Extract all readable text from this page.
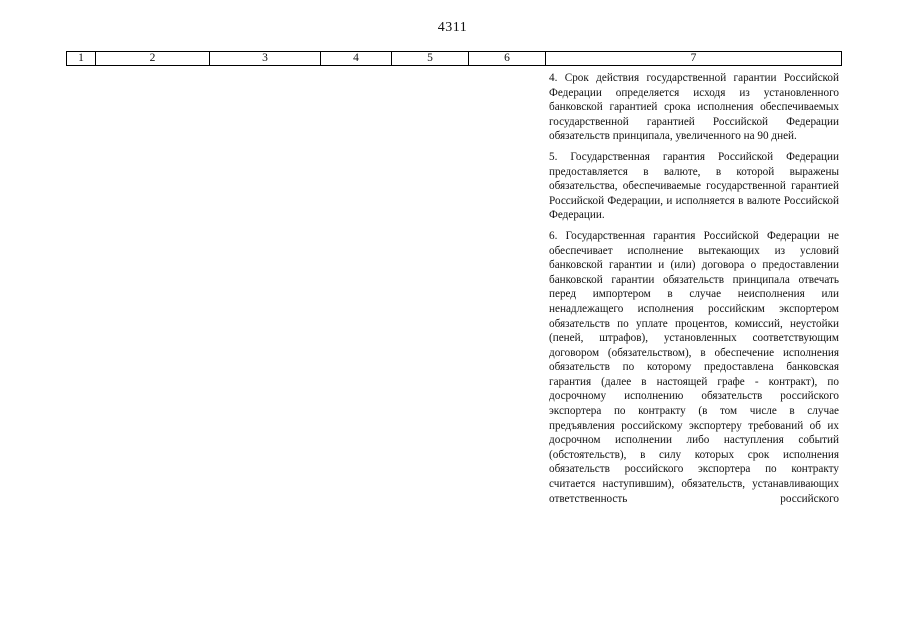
4311
1	2	3	4	5	6	7

4. Срок действия государственной гарантии Российской Федерации определяется исходя из установленного банковской гарантией срока исполнения обеспечиваемых государственной гарантией Российской Федерации обязательств принципала, увеличенного на 90 дней.

5. Государственная гарантия Российской Федерации предоставляется в валюте, в которой выражены обязательства, обеспечиваемые государственной гарантией Российской Федерации, и исполняется в валюте Российской Федерации.

6. Государственная гарантия Российской Федерации не обеспечивает исполнение вытекающих из условий банковской гарантии и (или) договора о предоставлении банковской гарантии обязательств принципала отвечать перед импортером в случае неисполнения или ненадлежащего исполнения российским экспортером обязательств по уплате процентов, комиссий, неустойки (пеней, штрафов), установленных соответствующим договором (обязательством), в обеспечение исполнения обязательств по которому предоставлена банковская гарантия (далее в настоящей графе - контракт), по досрочному исполнению обязательств российского экспортера по контракту (в том числе в случае предъявления российскому экспортеру требований об их досрочном исполнении либо наступления событий (обстоятельств), в силу которых срок исполнения обязательств российского экспортера по контракту считается наступившим), обязательств, устанавливающих ответственность российского
